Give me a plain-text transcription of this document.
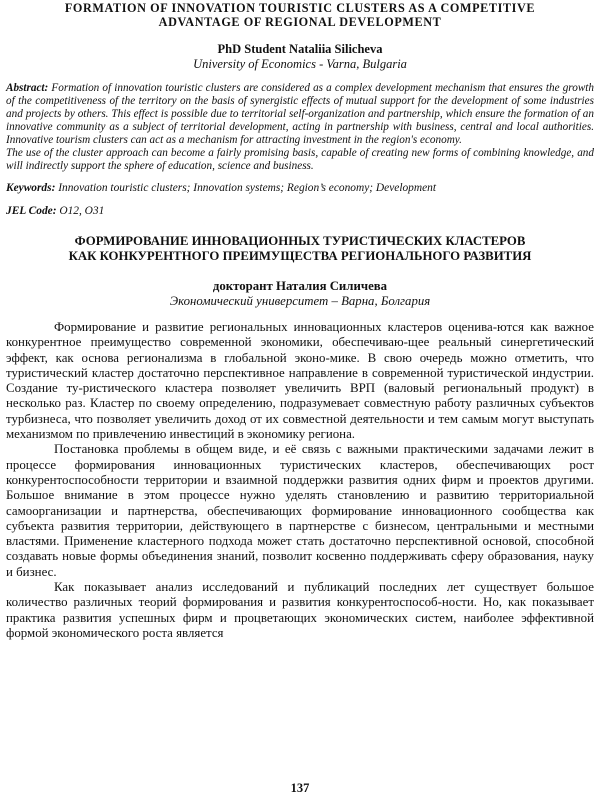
FORMATION OF INNOVATION TOURISTIC CLUSTERS AS A COMPETITIVE
ADVANTAGE OF REGIONAL DEVELOPMENT
PhD Student Nataliia Silicheva
University of Economics - Varna, Bulgaria

Abstract: Formation of innovation touristic clusters are considered as a complex development mechanism that ensures the growth of the competitiveness of the territory on the basis of synergistic effects of mutual support for the development of some industries and projects by others. This effect is possible due to territorial self-organization and partnership, which ensure the formation of an innovative community as a subject of territorial development, acting in partnership with business, central and local authorities. Innovative tourism clusters can act as a mechanism for attracting investment in the region's economy.

The use of the cluster approach can become a fairly promising basis, capable of creating new forms of combining knowledge, and will indirectly support the sphere of education, science and business.

Keywords: Innovation touristic clusters; Innovation systems; Region’s economy; Development
JEL Code: O12, O31
ФОРМИРОВАНИЕ ИННОВАЦИОННЫХ ТУРИСТИЧЕСКИХ КЛАСТЕРОВ
КАК КОНКУРЕНТНОГО ПРЕИМУЩЕСТВА РЕГИОНАЛЬНОГО РАЗВИТИЯ
докторант Наталия Силичева
Экономический университет – Варна, Болгария

Формирование и развитие региональных инновационных кластеров оценива-ются как важное конкурентное преимущество современной экономики, обеспечиваю-щее реальный синергетический эффект, как основа регионализма в глобальной эконо-мике. В свою очередь можно отметить, что туристический кластер достаточно перспективное направление в современной туристической индустрии. Создание ту-ристического кластера позволяет увеличить ВРП (валовый региональный продукт) в несколько раз. Кластер по своему определению, подразумевает совместную работу различных субъектов турбизнеса, что позволяет увеличить доход от их совместной деятельности и тем самым могут выступать механизмом по привлечению инвестиций в экономику региона.

Постановка проблемы в общем виде, и её связь с важными практическими задачами лежит в процессе формирования инновационных туристических кластеров, обеспечивающих рост конкурентоспособности территории и взаимной поддержки развития одних фирм и проектов другими. Большое внимание в этом процессе нужно уделять становлению и развитию территориальной самоорганизации и партнерства, обеспечивающих формирование инновационного сообщества как субъекта развития территории, действующего в партнерстве с бизнесом, центральными и местными властями. Применение кластерного подхода может стать достаточно перспективной основой, способной создавать новые формы объединения знаний, позволит косвенно поддерживать сферу образования, науку и бизнес.

Как показывает анализ исследований и публикаций последних лет существует большое количество различных теорий формирования и развития конкурентоспособ-ности. Но, как показывает практика развития успешных фирм и процветающих экономических систем, наиболее эффективной формой экономического роста является

137
